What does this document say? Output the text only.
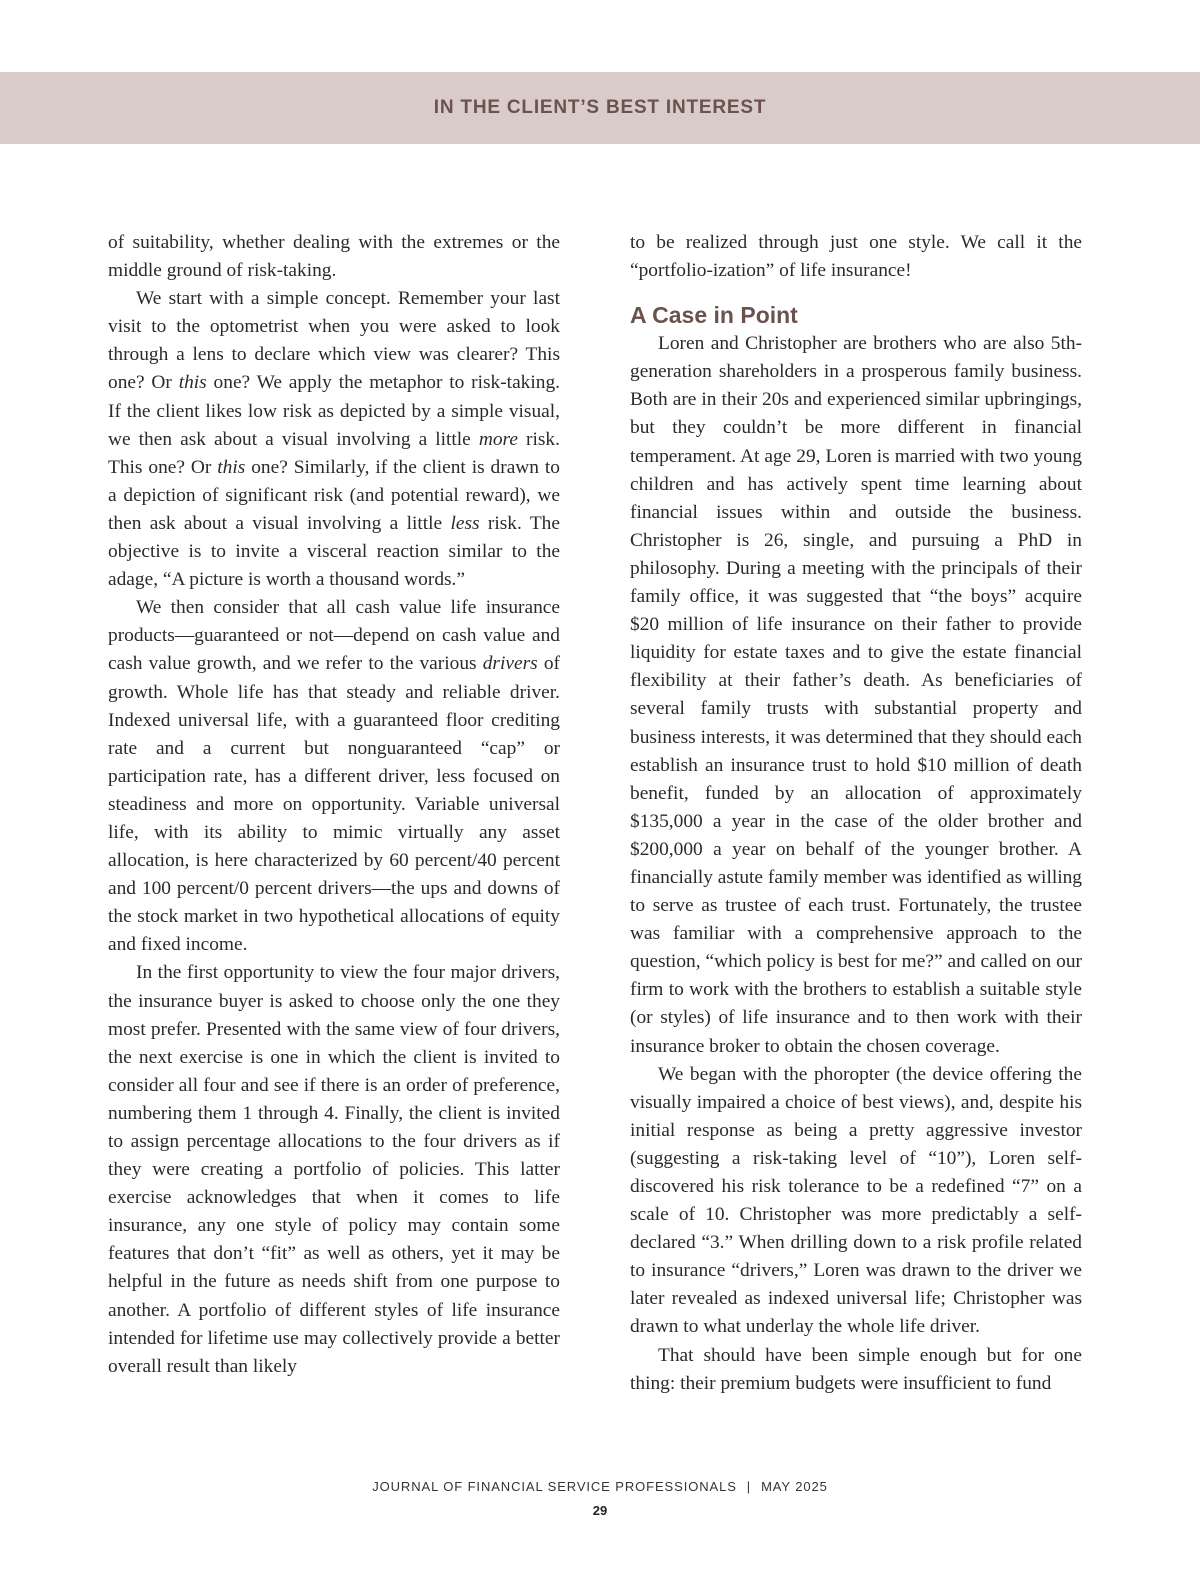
IN THE CLIENT’S BEST INTEREST

of suitability, whether dealing with the extremes or the middle ground of risk-taking.

We start with a simple concept. Remember your last visit to the optometrist when you were asked to look through a lens to declare which view was clearer? This one? Or this one? We apply the metaphor to risk-taking. If the client likes low risk as depicted by a simple visual, we then ask about a visual involving a little more risk. This one? Or this one? Similarly, if the client is drawn to a depiction of significant risk (and potential reward), we then ask about a visual involving a little less risk. The objective is to invite a visceral reaction similar to the adage, “A picture is worth a thousand words.”

We then consider that all cash value life insurance products—guaranteed or not—depend on cash value and cash value growth, and we refer to the various drivers of growth. Whole life has that steady and reliable driver. Indexed universal life, with a guaranteed floor crediting rate and a current but nonguaranteed “cap” or participation rate, has a different driver, less focused on steadiness and more on opportunity. Variable universal life, with its ability to mimic virtually any asset allocation, is here characterized by 60 percent/40 percent and 100 percent/0 percent drivers—the ups and downs of the stock market in two hypothetical allocations of equity and fixed income.

In the first opportunity to view the four major drivers, the insurance buyer is asked to choose only the one they most prefer. Presented with the same view of four drivers, the next exercise is one in which the client is invited to consider all four and see if there is an order of preference, numbering them 1 through 4. Finally, the client is invited to assign percentage allocations to the four drivers as if they were creating a portfolio of policies. This latter exercise acknowledges that when it comes to life insurance, any one style of policy may contain some features that don’t “fit” as well as others, yet it may be helpful in the future as needs shift from one purpose to another. A portfolio of different styles of life insurance intended for lifetime use may collectively provide a better overall result than likely

to be realized through just one style. We call it the “portfolio-ization” of life insurance!

A Case in Point

Loren and Christopher are brothers who are also 5th-generation shareholders in a prosperous family business. Both are in their 20s and experienced similar upbringings, but they couldn’t be more different in financial temperament. At age 29, Loren is married with two young children and has actively spent time learning about financial issues within and outside the business. Christopher is 26, single, and pursuing a PhD in philosophy. During a meeting with the principals of their family office, it was suggested that “the boys” acquire $20 million of life insurance on their father to provide liquidity for estate taxes and to give the estate financial flexibility at their father’s death. As beneficiaries of several family trusts with substantial property and business interests, it was determined that they should each establish an insurance trust to hold $10 million of death benefit, funded by an allocation of approximately $135,000 a year in the case of the older brother and $200,000 a year on behalf of the younger brother. A financially astute family member was identified as willing to serve as trustee of each trust. Fortunately, the trustee was familiar with a comprehensive approach to the question, “which policy is best for me?” and called on our firm to work with the brothers to establish a suitable style (or styles) of life insurance and to then work with their insurance broker to obtain the chosen coverage.

We began with the phoropter (the device offering the visually impaired a choice of best views), and, despite his initial response as being a pretty aggressive investor (suggesting a risk-taking level of “10”), Loren self-discovered his risk tolerance to be a redefined “7” on a scale of 10. Christopher was more predictably a self-declared “3.” When drilling down to a risk profile related to insurance “drivers,” Loren was drawn to the driver we later revealed as indexed universal life; Christopher was drawn to what underlay the whole life driver.

That should have been simple enough but for one thing: their premium budgets were insufficient to fund

JOURNAL OF FINANCIAL SERVICE PROFESSIONALS | MAY 2025
29
